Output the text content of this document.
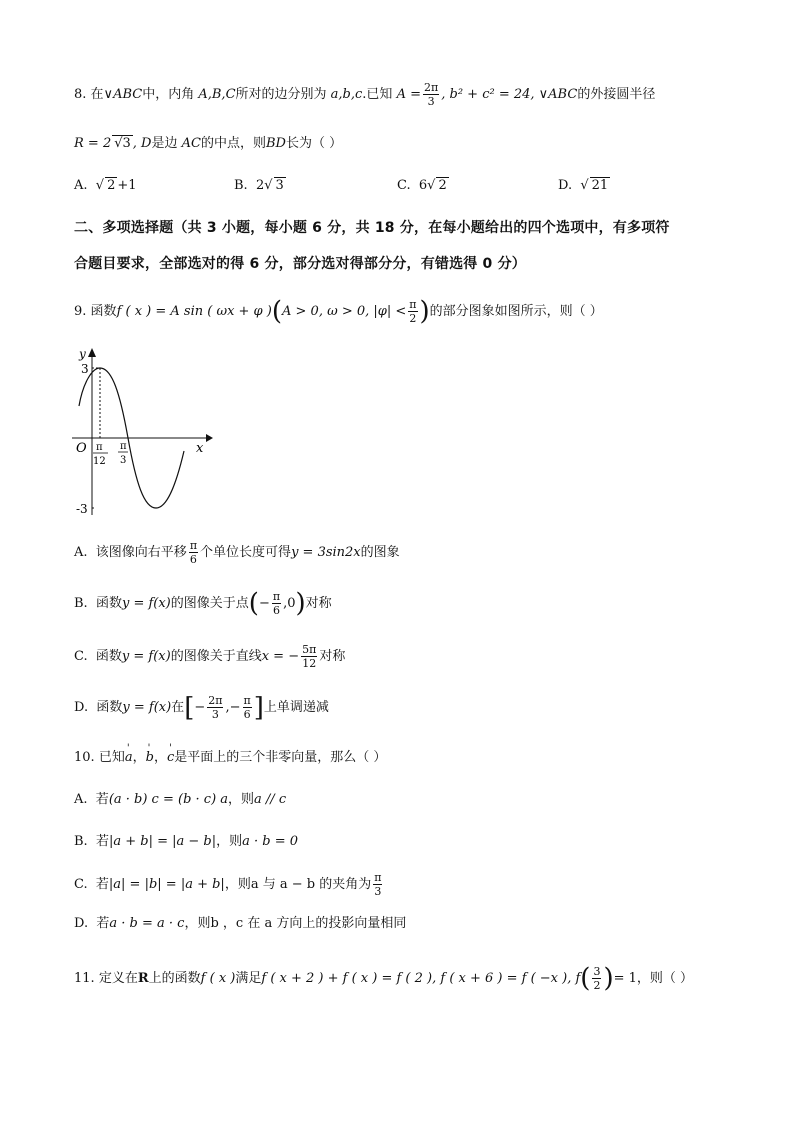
8. 在∨ABC中，内角 A,B,C所对的边分别为 a,b,c.已知 $A = \frac{2\pi}{3}$ , b² + c² = 24, ∨ABC的外接圆半径
R = 2 √3 , D是边 AC的中点，则BD长为（ ）
A. √ 2 +1	B. 2√ 3	C. 6√ 2	D. √ 21
二、多项选择题（共 3 小题，每小题 6 分，共 18 分，在每小题给出的四个选项中，有多项符
合题目要求，全部选对的得 6 分，部分选对得部分分，有错选得 0 分）
9. 函数f ( x ) = A sin ( ωx + φ )(A > 0, ω > 0, $|\varphi| < \frac{\pi}{2}$ )的部分图象如图所示，则（ ）
y
x
O
3
-3
π
12
π
3
A. 该图像向右平移 $\frac{\pi}{6}$ 个单位长度可得y = 3sin2x的图象
B. 函数y = f(x)的图像关于点(− $\frac{\pi}{6} ,0$)对称
C. 函数y = f(x)的图像关于直线x = − $\frac{5\pi}{12}$ 对称
D. 函数y = f(x)在[− $\frac{2\pi}{3}$ ,− $\frac{\pi}{6}$ ]上单调递减
10. 已知' a，' b，' c是平面上的三个非零向量，那么（ ）
A. 若(a · b) c = (b · c) a，则a // c
B. 若|a + b| = |a − b|，则a · b = 0
C. 若|a| = |b| = |a + b|，则a 与 a − b 的夹角为 $\frac{\pi}{3}$
D. 若a · b = a · c，则b ，c 在 a 方向上的投影向量相同
11. 定义在R上的函数f ( x )满足f ( x + 2 ) + f ( x ) = f ( 2 ), f ( x + 6 ) = f ( −x ), $f( \frac{3}{2}$ )= 1，则（ ）
